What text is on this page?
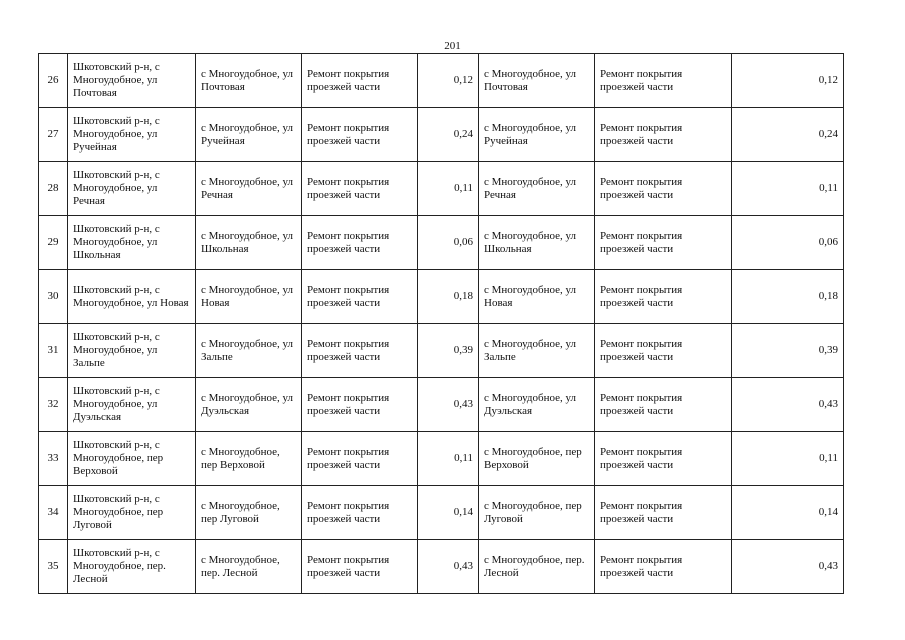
201
26	Шкотовский р-н, с Многоудобное, ул Почтовая	с Многоудобное, ул Почтовая	Ремонт покрытия проезжей части	0,12	с Многоудобное, ул Почтовая	Ремонт покрытия проезжей части	0,12
27	Шкотовский р-н, с Многоудобное, ул Ручейная	с Многоудобное, ул Ручейная	Ремонт покрытия проезжей части	0,24	с Многоудобное, ул Ручейная	Ремонт покрытия проезжей части	0,24
28	Шкотовский р-н, с Многоудобное, ул Речная	с Многоудобное, ул Речная	Ремонт покрытия проезжей части	0,11	с Многоудобное, ул Речная	Ремонт покрытия проезжей части	0,11
29	Шкотовский р-н, с Многоудобное, ул Школьная	с Многоудобное, ул Школьная	Ремонт покрытия проезжей части	0,06	с Многоудобное, ул Школьная	Ремонт покрытия проезжей части	0,06
30	Шкотовский р-н, с Многоудобное, ул Новая	с Многоудобное, ул Новая	Ремонт покрытия проезжей части	0,18	с Многоудобное, ул Новая	Ремонт покрытия проезжей части	0,18
31	Шкотовский р-н, с Многоудобное, ул Зальпе	с Многоудобное, ул Зальпе	Ремонт покрытия проезжей части	0,39	с Многоудобное, ул Зальпе	Ремонт покрытия проезжей части	0,39
32	Шкотовский р-н, с Многоудобное, ул Дуэльская	с Многоудобное, ул Дуэльская	Ремонт покрытия проезжей части	0,43	с Многоудобное, ул Дуэльская	Ремонт покрытия проезжей части	0,43
33	Шкотовский р-н, с Многоудобное, пер Верховой	с Многоудобное, пер Верховой	Ремонт покрытия проезжей части	0,11	с Многоудобное, пер Верховой	Ремонт покрытия проезжей части	0,11
34	Шкотовский р-н, с Многоудобное, пер Луговой	с Многоудобное, пер Луговой	Ремонт покрытия проезжей части	0,14	с Многоудобное, пер Луговой	Ремонт покрытия проезжей части	0,14
35	Шкотовский р-н, с Многоудобное, пер. Лесной	с Многоудобное, пер. Лесной	Ремонт покрытия проезжей части	0,43	с Многоудобное, пер. Лесной	Ремонт покрытия проезжей части	0,43
